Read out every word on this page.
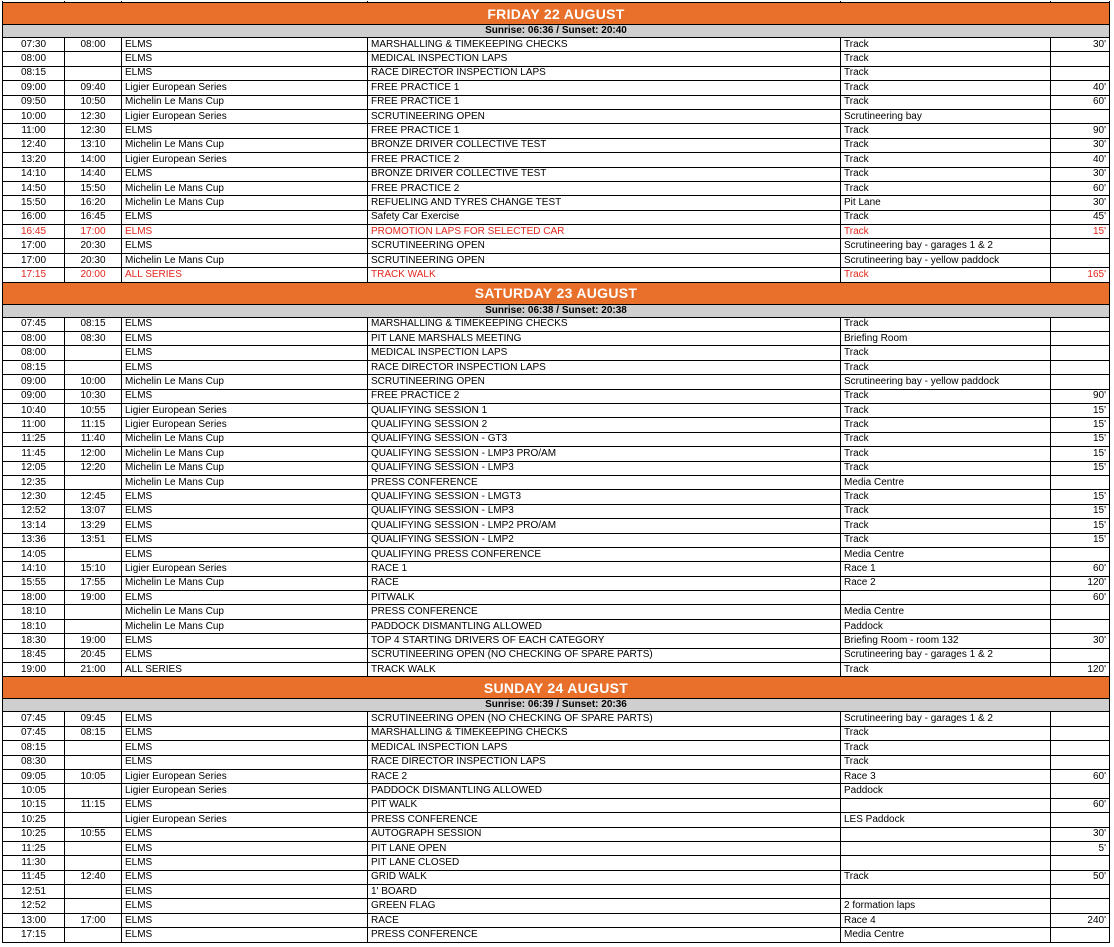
FRIDAY 22 AUGUST					
Sunrise: 06:36 / Sunset: 20:40					
07:30	08:00	ELMS	MARSHALLING & TIMEKEEPING CHECKS	Track	30'
08:00		ELMS	MEDICAL INSPECTION LAPS	Track	
08:15		ELMS	RACE DIRECTOR INSPECTION LAPS	Track	
09:00	09:40	Ligier European Series	FREE PRACTICE 1	Track	40'
09:50	10:50	Michelin Le Mans Cup	FREE PRACTICE 1	Track	60'
10:00	12:30	Ligier European Series	SCRUTINEERING OPEN	Scrutineering bay	
11:00	12:30	ELMS	FREE PRACTICE 1	Track	90'
12:40	13:10	Michelin Le Mans Cup	BRONZE DRIVER COLLECTIVE TEST	Track	30'
13:20	14:00	Ligier European Series	FREE PRACTICE 2	Track	40'
14:10	14:40	ELMS	BRONZE DRIVER COLLECTIVE TEST	Track	30'
14:50	15:50	Michelin Le Mans Cup	FREE PRACTICE 2	Track	60'
15:50	16:20	Michelin Le Mans Cup	REFUELING AND TYRES CHANGE TEST	Pit Lane	30'
16:00	16:45	ELMS	Safety Car Exercise	Track	45'
16:45	17:00	ELMS	PROMOTION LAPS FOR SELECTED CAR	Track	15'
17:00	20:30	ELMS	SCRUTINEERING OPEN	Scrutineering bay - garages 1 & 2	
17:00	20:30	Michelin Le Mans Cup	SCRUTINEERING OPEN	Scrutineering bay - yellow paddock	
17:15	20:00	ALL SERIES	TRACK WALK	Track	165'
SATURDAY 23 AUGUST					
Sunrise: 06:38 / Sunset: 20:38					
07:45	08:15	ELMS	MARSHALLING & TIMEKEEPING CHECKS	Track	
08:00	08:30	ELMS	PIT LANE MARSHALS MEETING	Briefing Room	
08:00		ELMS	MEDICAL INSPECTION LAPS	Track	
08:15		ELMS	RACE DIRECTOR INSPECTION LAPS	Track	
09:00	10:00	Michelin Le Mans Cup	SCRUTINEERING OPEN	Scrutineering bay - yellow paddock	
09:00	10:30	ELMS	FREE PRACTICE 2	Track	90'
10:40	10:55	Ligier European Series	QUALIFYING SESSION 1	Track	15'
11:00	11:15	Ligier European Series	QUALIFYING SESSION 2	Track	15'
11:25	11:40	Michelin Le Mans Cup	QUALIFYING SESSION - GT3	Track	15'
11:45	12:00	Michelin Le Mans Cup	QUALIFYING SESSION - LMP3 PRO/AM	Track	15'
12:05	12:20	Michelin Le Mans Cup	QUALIFYING SESSION - LMP3	Track	15'
12:35		Michelin Le Mans Cup	PRESS CONFERENCE	Media Centre	
12:30	12:45	ELMS	QUALIFYING SESSION - LMGT3	Track	15'
12:52	13:07	ELMS	QUALIFYING SESSION - LMP3	Track	15'
13:14	13:29	ELMS	QUALIFYING SESSION - LMP2 PRO/AM	Track	15'
13:36	13:51	ELMS	QUALIFYING SESSION - LMP2	Track	15'
14:05		ELMS	QUALIFYING PRESS CONFERENCE	Media Centre	
14:10	15:10	Ligier European Series	RACE 1	Race 1	60'
15:55	17:55	Michelin Le Mans Cup	RACE	Race 2	120'
18:00	19:00	ELMS	PITWALK		60'
18:10		Michelin Le Mans Cup	PRESS CONFERENCE	Media Centre	
18:10		Michelin Le Mans Cup	PADDOCK DISMANTLING ALLOWED	Paddock	
18:30	19:00	ELMS	TOP 4 STARTING DRIVERS OF EACH CATEGORY	Briefing Room - room 132	30'
18:45	20:45	ELMS	SCRUTINEERING OPEN (NO CHECKING OF SPARE PARTS)	Scrutineering bay - garages 1 & 2	
19:00	21:00	ALL SERIES	TRACK WALK	Track	120'
SUNDAY 24 AUGUST					
Sunrise: 06:39 / Sunset: 20:36					
07:45	09:45	ELMS	SCRUTINEERING OPEN (NO CHECKING OF SPARE PARTS)	Scrutineering bay - garages 1 & 2	
07:45	08:15	ELMS	MARSHALLING & TIMEKEEPING CHECKS	Track	
08:15		ELMS	MEDICAL INSPECTION LAPS	Track	
08:30		ELMS	RACE DIRECTOR INSPECTION LAPS	Track	
09:05	10:05	Ligier European Series	RACE 2	Race 3	60'
10:05		Ligier European Series	PADDOCK DISMANTLING ALLOWED	Paddock	
10:15	11:15	ELMS	PIT WALK		60'
10:25		Ligier European Series	PRESS CONFERENCE	LES Paddock	
10:25	10:55	ELMS	AUTOGRAPH SESSION		30'
11:25		ELMS	PIT LANE OPEN		5'
11:30		ELMS	PIT LANE CLOSED		
11:45	12:40	ELMS	GRID WALK	Track	50'
12:51		ELMS	1' BOARD		
12:52		ELMS	GREEN FLAG	2 formation laps	
13:00	17:00	ELMS	RACE	Race 4	240'
17:15		ELMS	PRESS CONFERENCE	Media Centre	
